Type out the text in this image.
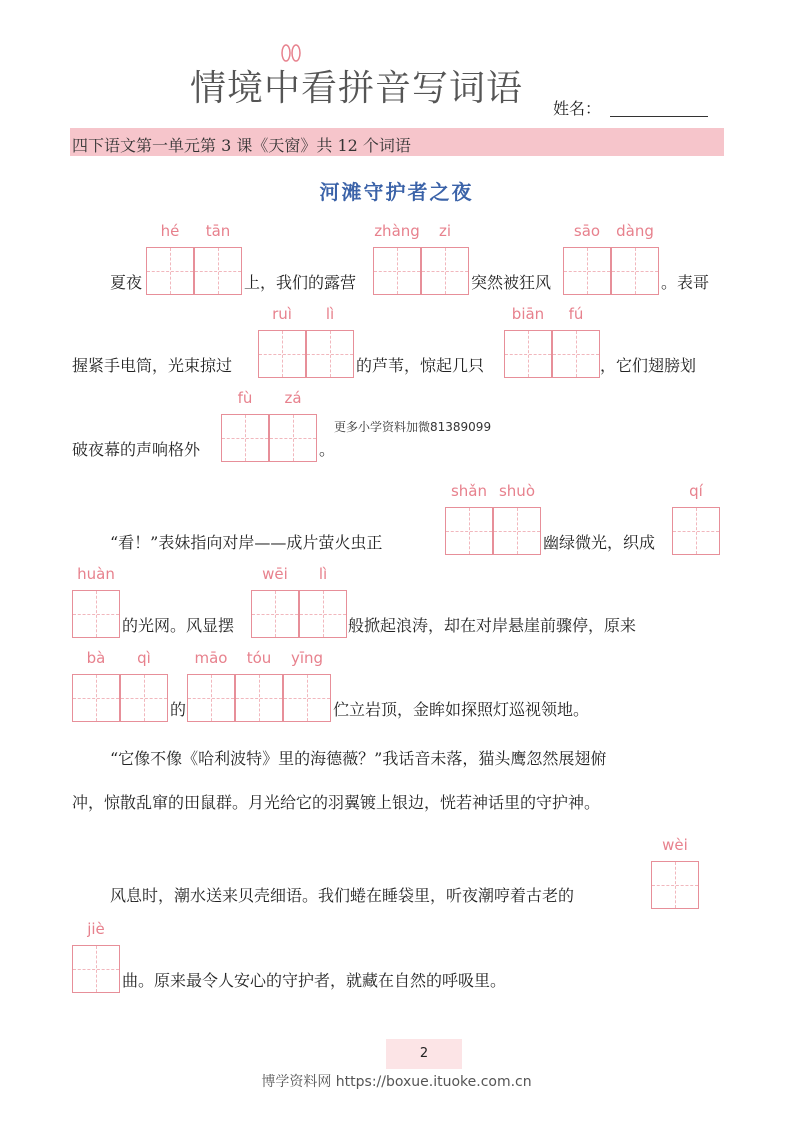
情境中看拼音写词语 姓名：
四下语文第一单元第 3 课《天窗》共 12 个词语
河滩守护者之夜
夏夜
hé	tān
上，我们的露营
zhàng	zi
突然被狂风
sāo	dàng
。表哥
握紧手电筒，光束掠过
ruì	lì
的芦苇，惊起几只
biān	fú
，它们翅膀划
破夜幕的声响格外
fù	zá
。
更多小学资料加微81389099
“看！”表妹指向对岸——成片萤火虫正
shǎn shuò
幽绿微光，织成
qí
huàn
的光网。风显摆
wēi	lì
般掀起浪涛，却在对岸悬崖前骤停，原来
bà	qì
的
māo	tóu	yīng
伫立岩顶，金眸如探照灯巡视领地。
“它像不像《哈利波特》里的海德薇？”我话音未落，猫头鹰忽然展翅俯
冲，惊散乱窜的田鼠群。月光给它的羽翼镀上银边，恍若神话里的守护神。
风息时，潮水送来贝壳细语。我们蜷在睡袋里，听夜潮哼着古老的
wèi
jiè
曲。原来最令人安心的守护者，就藏在自然的呼吸里。
2
博学资料网 https://boxue.ituoke.com.cn
